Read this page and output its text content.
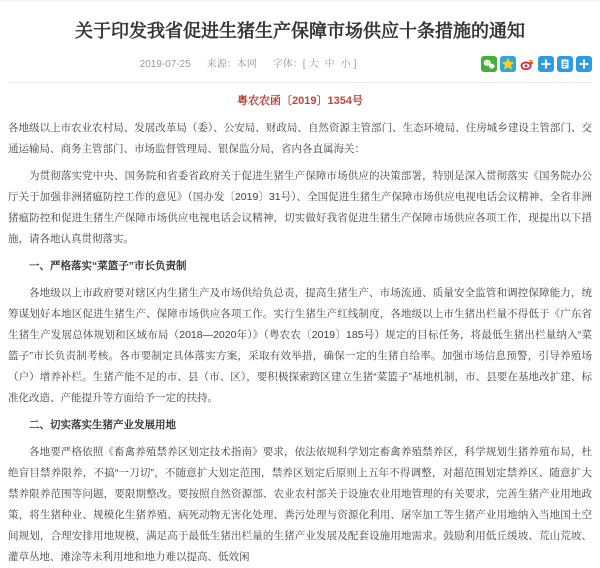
关于印发我省促进生猪生产保障市场供应十条措施的通知
2019-07-25 来源：本网 字体：[ 大 中 小 ]
粤农农函〔2019〕1354号

各地级以上市农业农村局、发展改革局（委）、公安局、财政局、自然资源主管部门、生态环境局、住房城乡建设主管部门、交通运输局、商务主管部门、市场监督管理局、银保监分局，省内各直属海关：

为贯彻落实党中央、国务院和省委省政府关于促进生猪生产保障市场供应的决策部署，特别是深入贯彻落实《国务院办公厅关于加强非洲猪瘟防控工作的意见》（国办发〔2019〕31号）、全国促进生猪生产保障市场供应电视电话会议精神、全省非洲猪瘟防控和促进生猪生产保障市场供应电视电话会议精神，切实做好我省促进生猪生产保障市场供应各项工作，现提出以下措施，请各地认真贯彻落实。

一、严格落实“菜篮子”市长负责制

各地级以上市政府要对辖区内生猪生产及市场供给负总责，提高生猪生产、市场流通、质量安全监管和调控保障能力，统筹谋划好本地区促进生猪生产、保障市场供应各项工作。实行生猪生产红线制度，各地级以上市生猪出栏量不得低于《广东省生猪生产发展总体规划和区域布局（2018—2020年）》（粤农农〔2019〕185号）规定的目标任务，将最低生猪出栏量纳入“菜篮子”市长负责制考核。各市要制定具体落实方案，采取有效举措，确保一定的生猪自给率。加强市场信息预警，引导养殖场（户）增养补栏。生猪产能不足的市、县（市、区），要积极探索跨区建立生猪“菜篮子”基地机制，市、县要在基地改扩建、标准化改造、产能提升等方面给予一定的扶持。

二、切实落实生猪产业发展用地

各地要严格依照《畜禽养殖禁养区划定技术指南》要求，依法依规科学划定畜禽养殖禁养区，科学规划生猪养殖布局，杜绝盲目禁养限养，不搞“一刀切”，不随意扩大划定范围，禁养区划定后原则上五年不得调整，对超范围划定禁养区、随意扩大禁养限养范围等问题，要限期整改。要按照自然资源部、农业农村部关于设施农业用地管理的有关要求，完善生猪产业用地政策，将生猪种业、规模化生猪养殖、病死动物无害化处理、粪污处理与资源化利用、屠宰加工等生猪产业用地纳入当地国土空间规划，合理安排用地规模，满足高于最低生猪出栏量的生猪产业发展及配套设施用地需求。鼓励利用低丘缓坡、荒山荒坡、灌草丛地、滩涂等未利用地和地力难以提高、低效闲
